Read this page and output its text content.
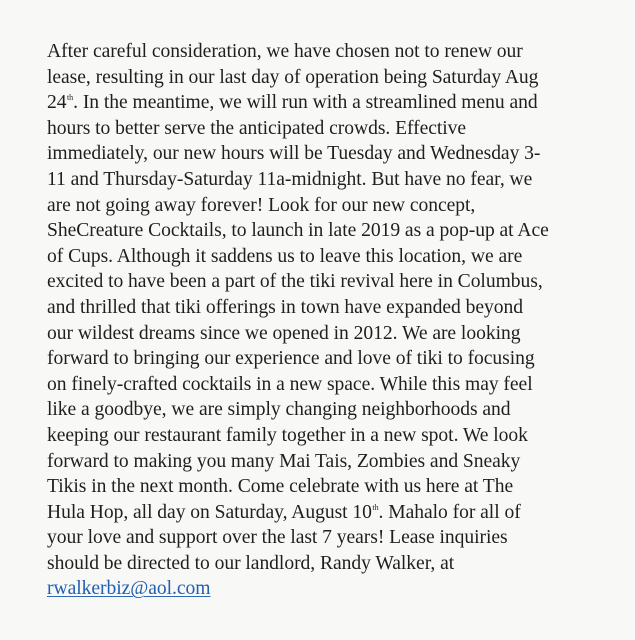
After careful consideration, we have chosen not to renew our
lease, resulting in our last day of operation being Saturday Aug
24th. In the meantime, we will run with a streamlined menu and
hours to better serve the anticipated crowds. Effective
immediately, our new hours will be Tuesday and Wednesday 3-
11 and Thursday-Saturday 11a-midnight. But have no fear, we
are not going away forever! Look for our new concept,
SheCreature Cocktails, to launch in late 2019 as a pop-up at Ace
of Cups. Although it saddens us to leave this location, we are
excited to have been a part of the tiki revival here in Columbus,
and thrilled that tiki offerings in town have expanded beyond
our wildest dreams since we opened in 2012. We are looking
forward to bringing our experience and love of tiki to focusing
on finely-crafted cocktails in a new space. While this may feel
like a goodbye, we are simply changing neighborhoods and
keeping our restaurant family together in a new spot. We look
forward to making you many Mai Tais, Zombies and Sneaky
Tikis in the next month. Come celebrate with us here at The
Hula Hop, all day on Saturday, August 10th. Mahalo for all of
your love and support over the last 7 years! Lease inquiries
should be directed to our landlord, Randy Walker, at
rwalkerbiz@aol.com
